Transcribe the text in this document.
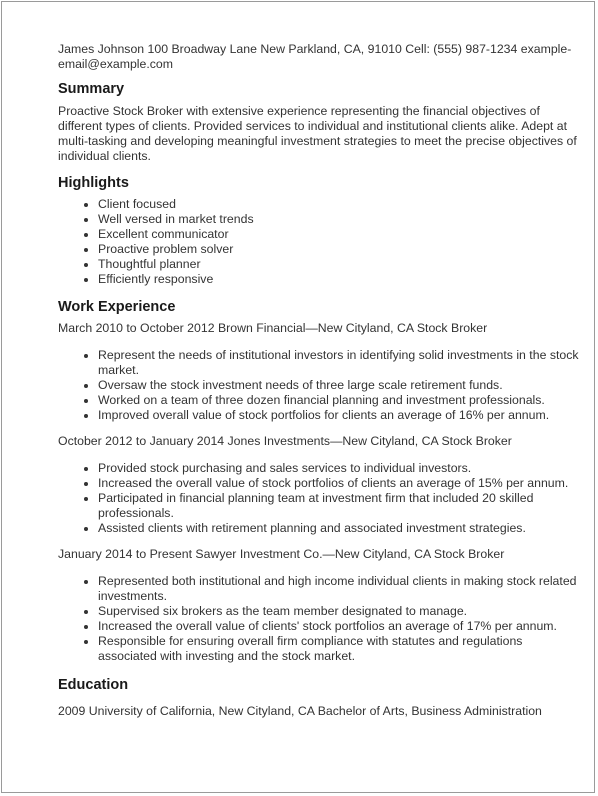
James Johnson 100 Broadway Lane New Parkland, CA, 91010 Cell: (555) 987-1234 example-email@example.com

Summary

Proactive Stock Broker with extensive experience representing the financial objectives of different types of clients. Provided services to individual and institutional clients alike. Adept at multi-tasking and developing meaningful investment strategies to meet the precise objectives of individual clients.

Highlights
• Client focused
• Well versed in market trends
• Excellent communicator
• Proactive problem solver
• Thoughtful planner
• Efficiently responsive
Work Experience

March 2010 to October 2012 Brown Financial—New Cityland, CA Stock Broker

• Represent the needs of institutional investors in identifying solid investments in the stock market.
• Oversaw the stock investment needs of three large scale retirement funds.
• Worked on a team of three dozen financial planning and investment professionals.
• Improved overall value of stock portfolios for clients an average of 16% per annum.

October 2012 to January 2014 Jones Investments—New Cityland, CA Stock Broker

• Provided stock purchasing and sales services to individual investors.
• Increased the overall value of stock portfolios of clients an average of 15% per annum.
• Participated in financial planning team at investment firm that included 20 skilled professionals.
• Assisted clients with retirement planning and associated investment strategies.

January 2014 to Present Sawyer Investment Co.—New Cityland, CA Stock Broker

• Represented both institutional and high income individual clients in making stock related investments.
• Supervised six brokers as the team member designated to manage.
• Increased the overall value of clients' stock portfolios an average of 17% per annum.
• Responsible for ensuring overall firm compliance with statutes and regulations associated with investing and the stock market.
Education

2009 University of California, New Cityland, CA Bachelor of Arts, Business Administration
